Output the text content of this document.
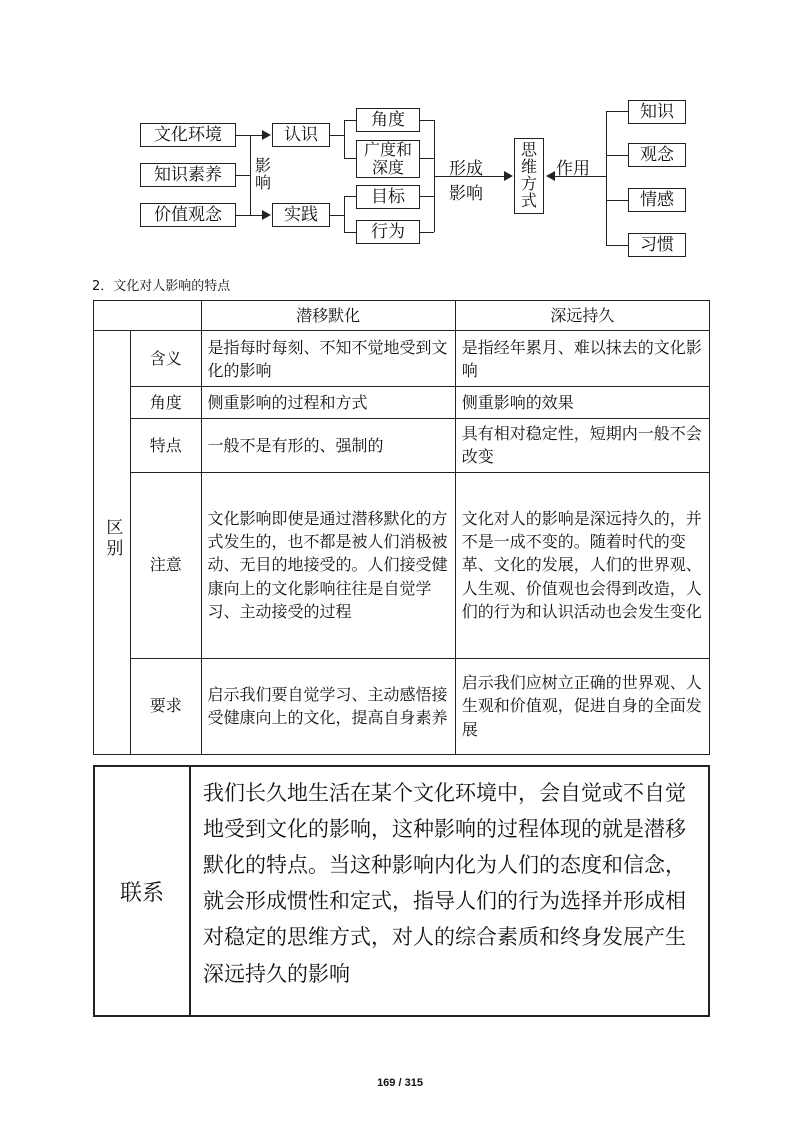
文化环境
知识素养
价值观念
影响
认识
实践
角度
广度和深度
目标
行为
形成
影响
思维方式
作用
知识
观念
情感
习惯
2．文化对人影响的特点
		潜移默化	深远持久
区别	含义	是指每时每刻、不知不觉地受到文化的影响	是指经年累月、难以抹去的文化影响
	角度	侧重影响的过程和方式	侧重影响的效果
	特点	一般不是有形的、强制的	具有相对稳定性，短期内一般不会改变
	注意	文化影响即使是通过潜移默化的方式发生的，也不都是被人们消极被动、无目的地接受的。人们接受健康向上的文化影响往往是自觉学习、主动接受的过程	文化对人的影响是深远持久的，并不是一成不变的。随着时代的变革、文化的发展，人们的世界观、人生观、价值观也会得到改造，人们的行为和认识活动也会发生变化
	要求	启示我们要自觉学习、主动感悟接受健康向上的文化，提高自身素养	启示我们应树立正确的世界观、人生观和价值观，促进自身的全面发展
联系	我们长久地生活在某个文化环境中，会自觉或不自觉地受到文化的影响，这种影响的过程体现的就是潜移默化的特点。当这种影响内化为人们的态度和信念，就会形成惯性和定式，指导人们的行为选择并形成相对稳定的思维方式，对人的综合素质和终身发展产生深远持久的影响
169 / 315
